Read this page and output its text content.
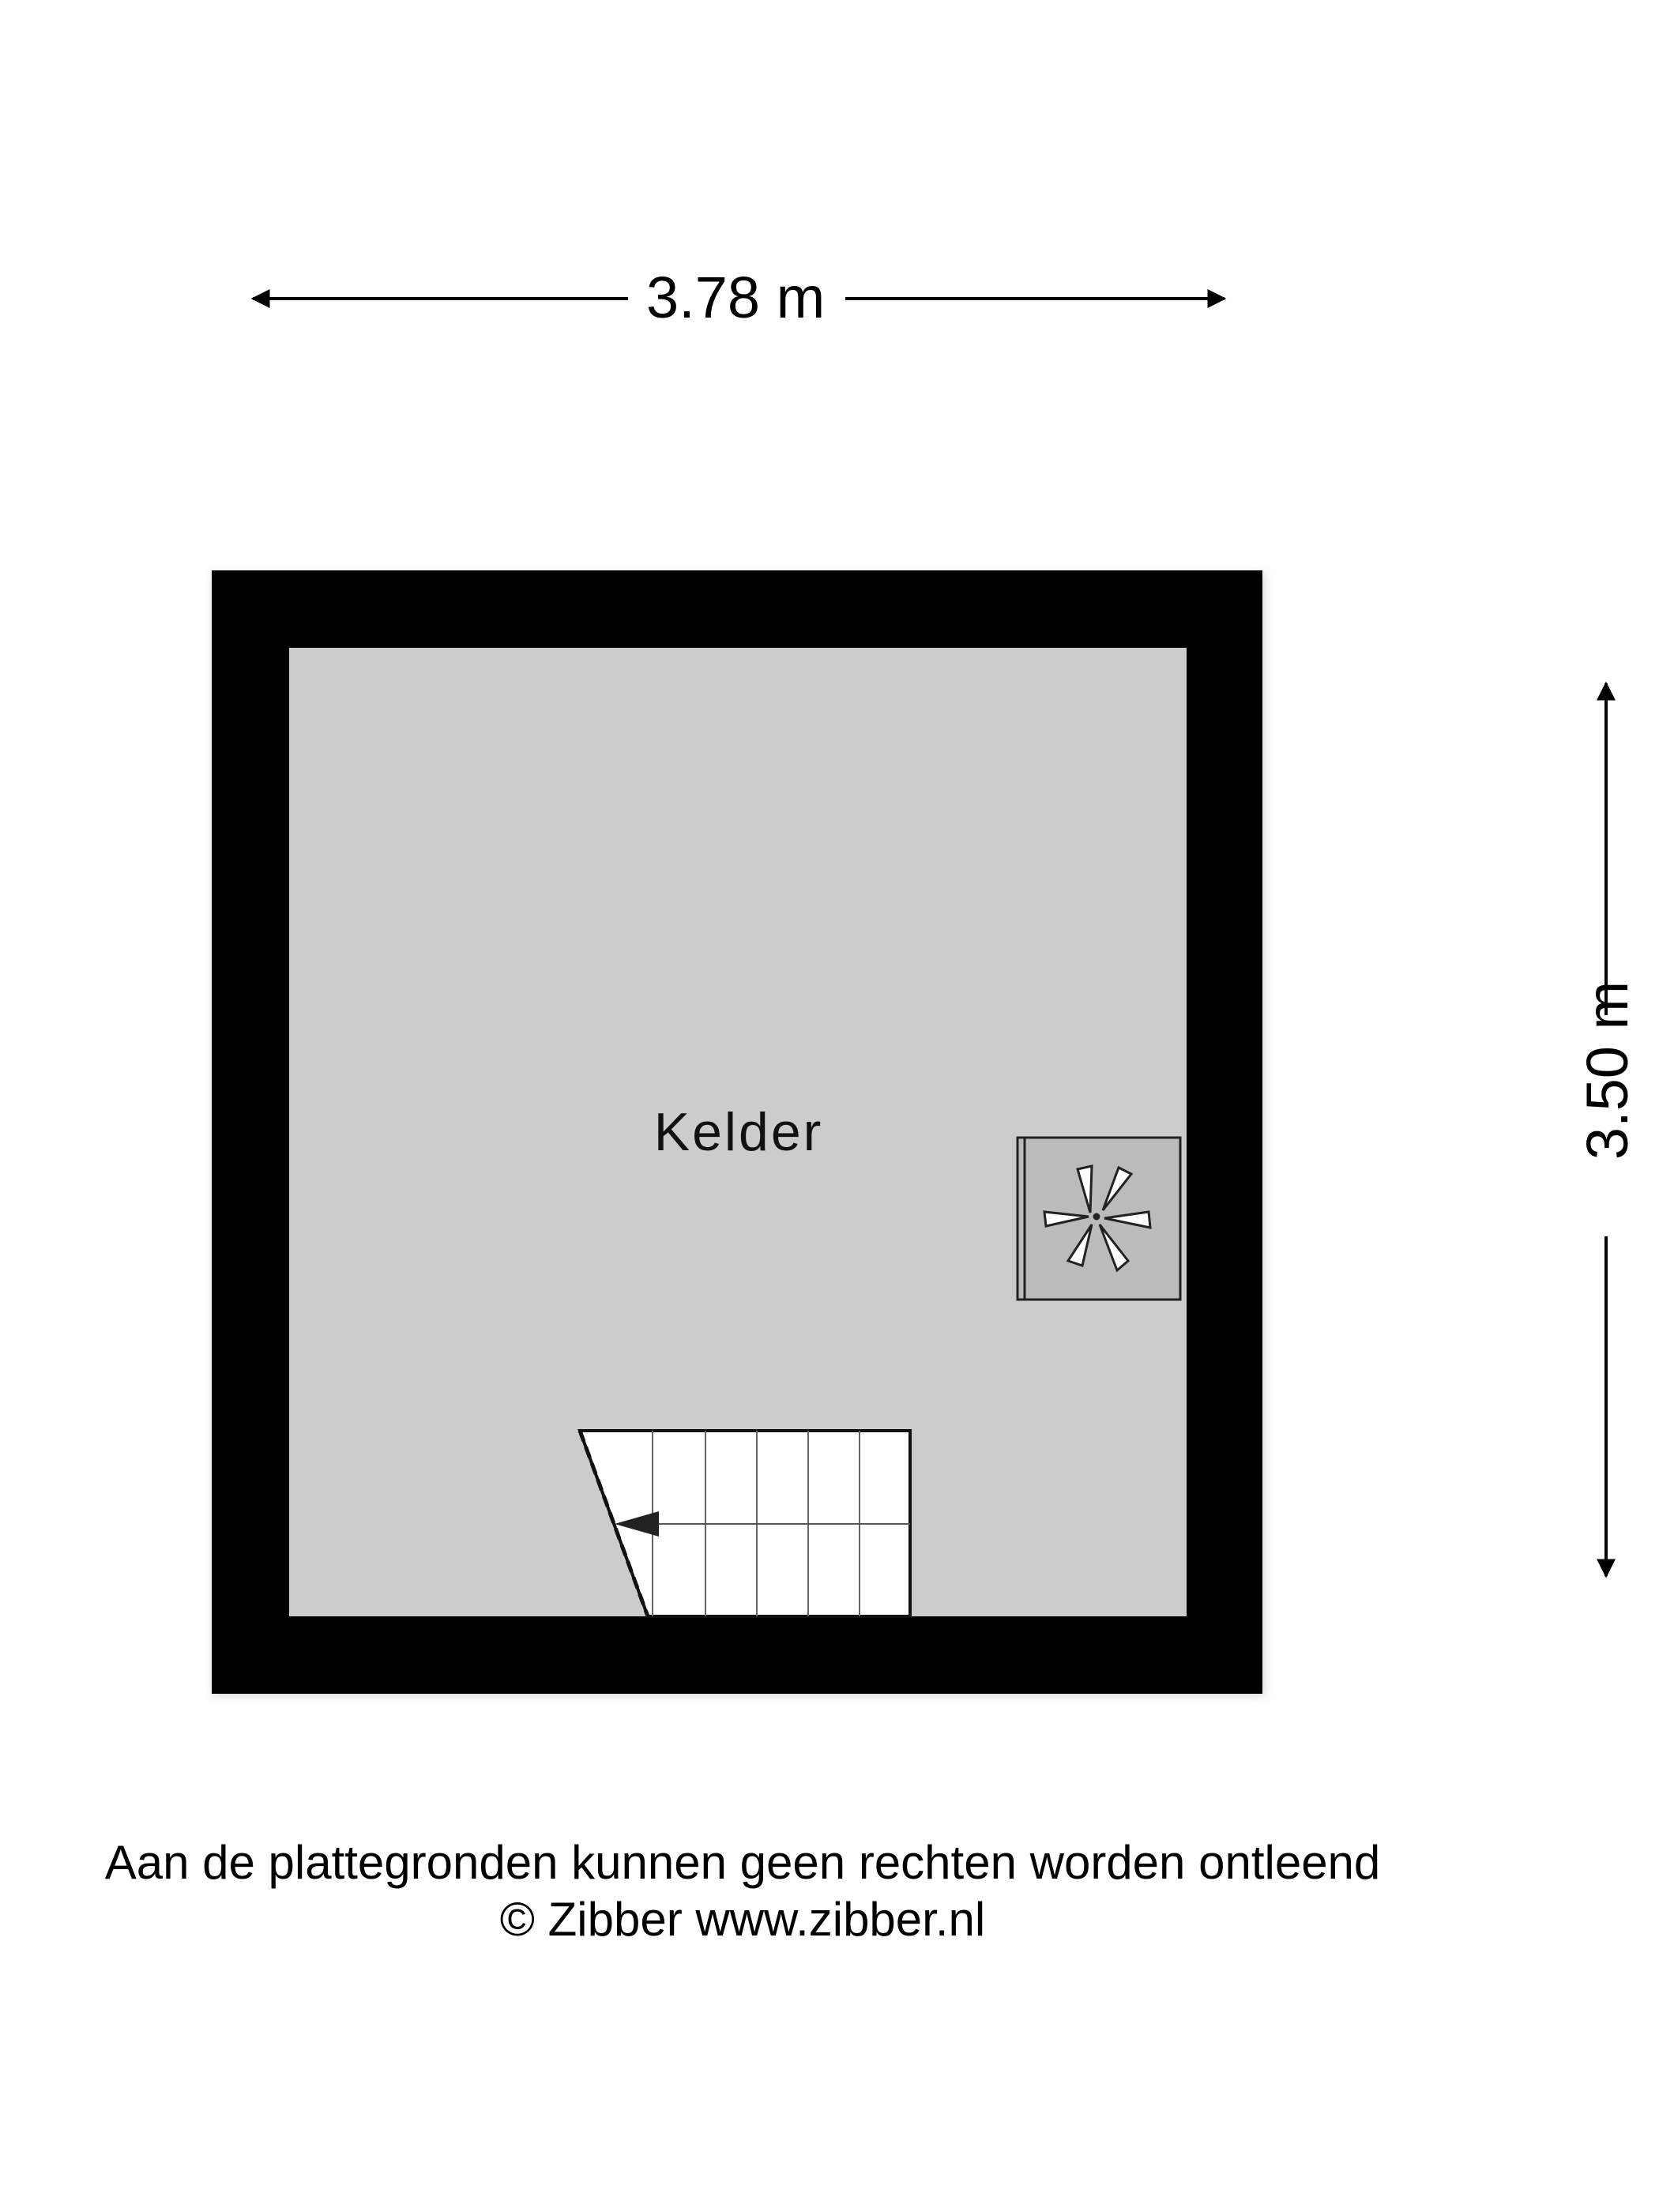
3.78 m
3.50 m
Kelder
Aan de plattegronden kunnen geen rechten worden ontleend
© Zibber www.zibber.nl
